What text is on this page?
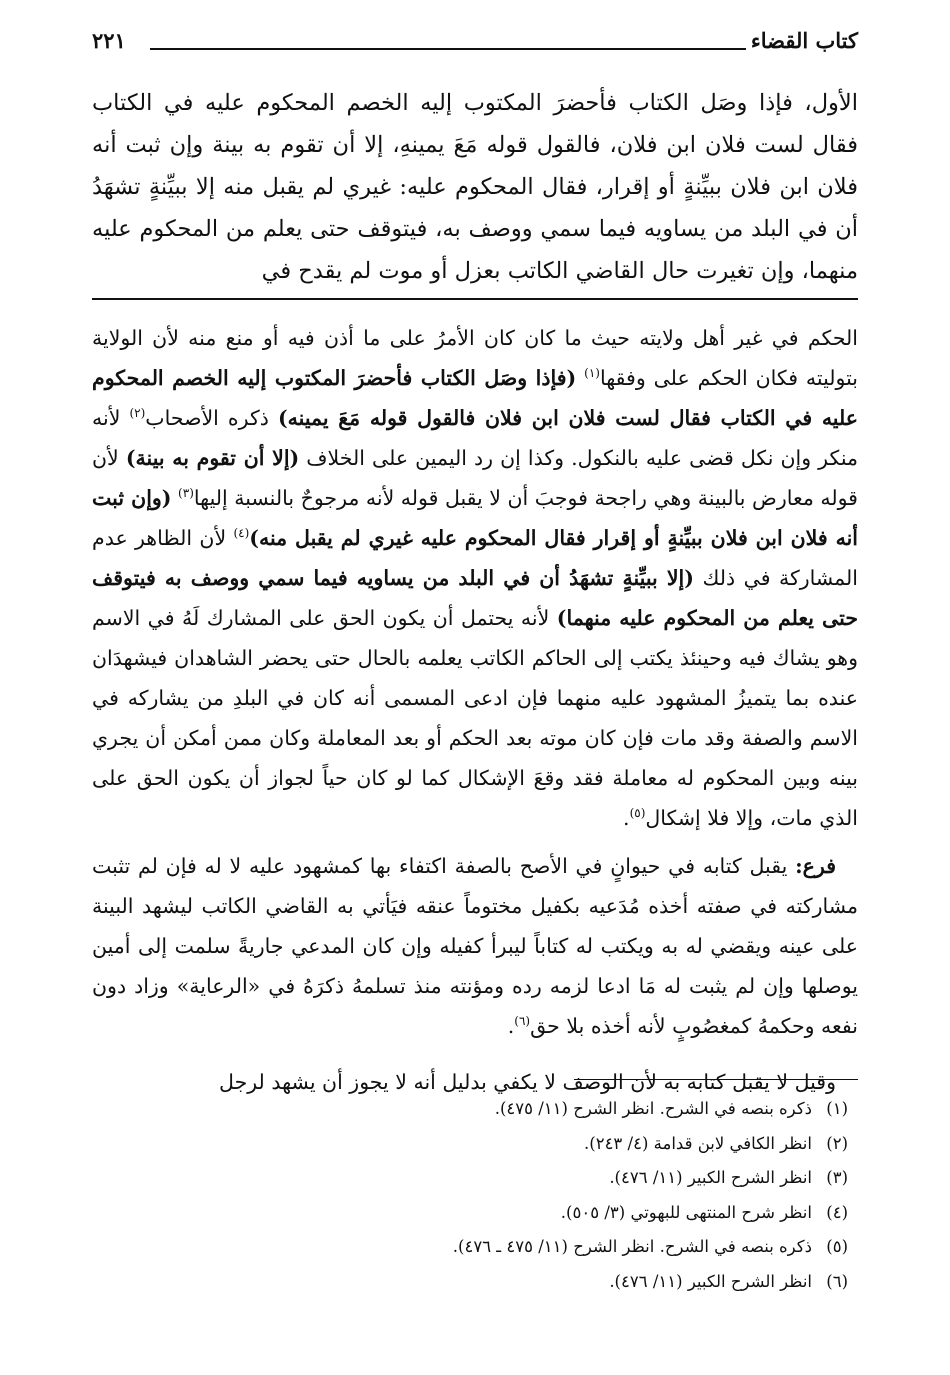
كتاب القضاء
٢٢١

الأول، فإذا وصَل الكتاب فأحضرَ المكتوب إليه الخصم المحكوم عليه في الكتاب فقال لست فلان ابن فلان، فالقول قوله مَعَ يمينهِ، إلا أن تقوم به بينة وإن ثبت أنه فلان ابن فلان ببيِّنةٍ أو إقرار، فقال المحكوم عليه: غيري لم يقبل منه إلا ببيِّنةٍ تشهَدُ أن في البلد من يساويه فيما سمي ووصف به، فيتوقف حتى يعلم من المحكوم عليه منهما، وإن تغيرت حال القاضي الكاتب بعزل أو موت لم يقدح في

الحكم في غير أهل ولايته حيث ما كان كان الأمرُ على ما أذن فيه أو منع منه لأن الولاية بتوليته فكان الحكم على وفقها$^{(١)}$ (فإذا وصَل الكتاب فأحضرَ المكتوب إليه الخصم المحكوم عليه في الكتاب فقال لست فلان ابن فلان فالقول قوله مَعَ يمينه) ذكره الأصحاب$^{(٢)}$ لأنه منكر وإن نكل قضى عليه بالنكول. وكذا إن رد اليمين على الخلاف (إلا أن تقوم به بينة) لأن قوله معارض بالبينة وهي راجحة فوجبَ أن لا يقبل قوله لأنه مرجوحٌ بالنسبة إليها$^{(٣)}$ (وإن ثبت أنه فلان ابن فلان ببيِّنةٍ أو إقرار فقال المحكوم عليه غيري لم يقبل منه)$^{(٤)}$ لأن الظاهر عدم المشاركة في ذلك (إلا ببيِّنةٍ تشهَدُ أن في البلد من يساويه فيما سمي ووصف به فيتوقف حتى يعلم من المحكوم عليه منهما) لأنه يحتمل أن يكون الحق على المشارك لَهُ في الاسم وهو يشاك فيه وحينئذ يكتب إلى الحاكم الكاتب يعلمه بالحال حتى يحضر الشاهدان فيشهدَان عنده بما يتميزُ المشهود عليه منهما فإن ادعى المسمى أنه كان في البلدِ من يشاركه في الاسم والصفة وقد مات فإن كان موته بعد الحكم أو بعد المعاملة وكان ممن أمكن أن يجري بينه وبين المحكوم له معاملة فقد وقعَ الإشكال كما لو كان حياً لجواز أن يكون الحق على الذي مات، وإلا فلا إشكال$^{(٥)}$.

فرع: يقبل كتابه في حيوانٍ في الأصح بالصفة اكتفاء بها كمشهود عليه لا له فإن لم تثبت مشاركته في صفته أخذه مُدَعيه بكفيل مختوماً عنقه فيَأتي به القاضي الكاتب ليشهد البينة على عينه ويقضي له به ويكتب له كتاباً ليبرأ كفيله وإن كان المدعي جاريةً سلمت إلى أمين يوصلها وإن لم يثبت له مَا ادعا لزمه رده ومؤنته منذ تسلمهُ ذكرَهُ في «الرعاية» وزاد دون نفعه وحكمهُ كمغصُوبٍ لأنه أخذه بلا حق$^{(٦)}$.

وقيل لا يقبل كتابه به لأن الوصف لا يكفي بدليل أنه لا يجوز أن يشهد لرجل

(١)ذكره بنصه في الشرح. انظر الشرح (١١/ ٤٧٥).
(٢)انظر الكافي لابن قدامة (٤/ ٢٤٣).
(٣)انظر الشرح الكبير (١١/ ٤٧٦).
(٤)انظر شرح المنتهى للبهوتي (٣/ ٥٠٥).
(٥)ذكره بنصه في الشرح. انظر الشرح (١١/ ٤٧٥ ـ ٤٧٦).
(٦)انظر الشرح الكبير (١١/ ٤٧٦).
